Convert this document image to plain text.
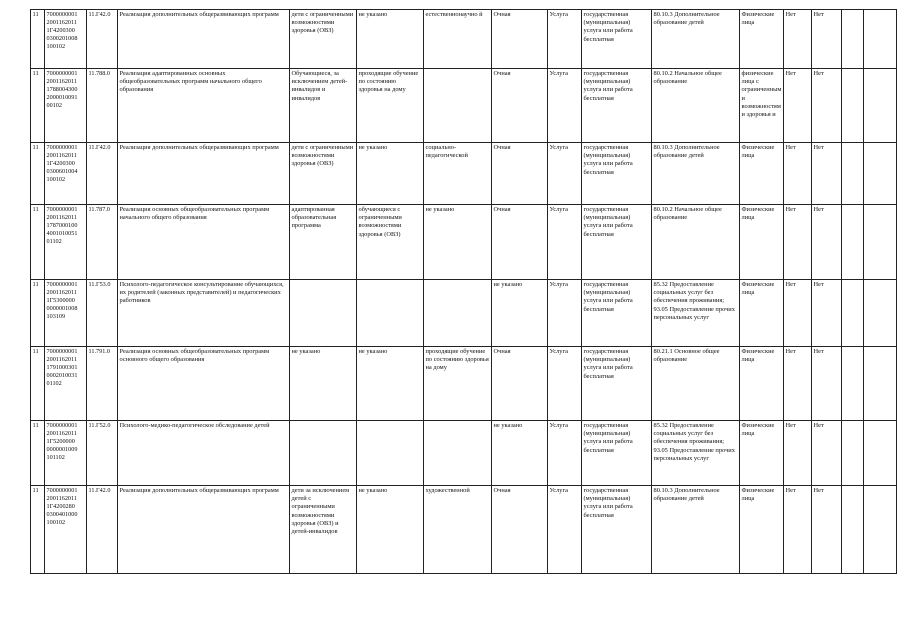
11	7000000001 2001162011 1Г4200300 0300201008 100102	11.Г42.0	Реализация дополнительных общеразвивающих программ	дети с ограниченными возможностями здоровья (ОВЗ)	не указано	естественнонаучно й	Очная	Услуга	государственная (муниципальная) услуга или работа бесплатная	80.10.3 Дополнительное образование детей	Физические лица	Нет	Нет		
11	7000000001 2001162011 1788004300 2000010091 00102	11.788.0	Реализация адаптированных основных общеобразовательных программ начального общего образования	Обучающиеся, за исключением детей-инвалидов и инвалидов	проходящие обучение по состоянию здоровья на дому		Очная	Услуга	государственная (муниципальная) услуга или работа бесплатная	80.10.2 Начальное общее образование	физические лица с ограниченными возможностями здоровья и	Нет	Нет		
11	7000000001 2001162011 1Г4200300 0300601004 100102	11.Г42.0	Реализация дополнительных общеразвивающих программ	дети с ограниченными возможностями здоровья (ОВЗ)	не указано	социально-педагогической	Очная	Услуга	государственная (муниципальная) услуга или работа бесплатная	80.10.3 Дополнительное образование детей	Физические лица	Нет	Нет		
11	7000000001 2001162011 1787000100 4001010051 01102	11.787.0	Реализация основных общеобразовательных программ начального общего образования	адаптированная образовательная программа	обучающиеся с ограниченными возможностями здоровья (ОВЗ)	не указано	Очная	Услуга	государственная (муниципальная) услуга или работа бесплатная	80.10.2 Начальное общее образование	Физические лица	Нет	Нет		
11	7000000001 2001162011 1Г5300000 0000001008 103109	11.Г53.0	Психолого-педагогическое консультирование обучающихся, их родителей (законных представителей) и педагогических работников				не указано	Услуга	государственная (муниципальная) услуга или работа бесплатная	85.32 Предоставление социальных услуг без обеспечения проживания; 93.05 Предоставление прочих персональных услуг	Физические лица	Нет	Нет		
11	7000000001 2001162011 1791000301 0002010031 01102	11.791.0	Реализация основных общеобразовательных программ основного общего образования	не указано	не указано	проходящие обучение по состоянию здоровья на дому	Очная	Услуга	государственная (муниципальная) услуга или работа бесплатная	80.21.1 Основное общее образование	Физические лица	Нет	Нет		
11	7000000001 2001162011 1Г5200000 0000001009 101102	11.Г52.0	Психолого-медико-педагогическое обследование детей				не указано	Услуга	государственная (муниципальная) услуга или работа бесплатная	85.32 Предоставление социальных услуг без обеспечения проживания; 93.05 Предоставление прочих персональных услуг	Физические лица	Нет	Нет		
11	7000000001 2001162011 1Г4200280 0300401000 100102	11.Г42.0	Реализация дополнительных общеразвивающих программ	дети за исключением детей с ограниченными возможностями здоровья (ОВЗ) и детей-инвалидов	не указано	художественной	Очная	Услуга	государственная (муниципальная) услуга или работа бесплатная	80.10.3 Дополнительное образование детей	Физические лица	Нет	Нет		
